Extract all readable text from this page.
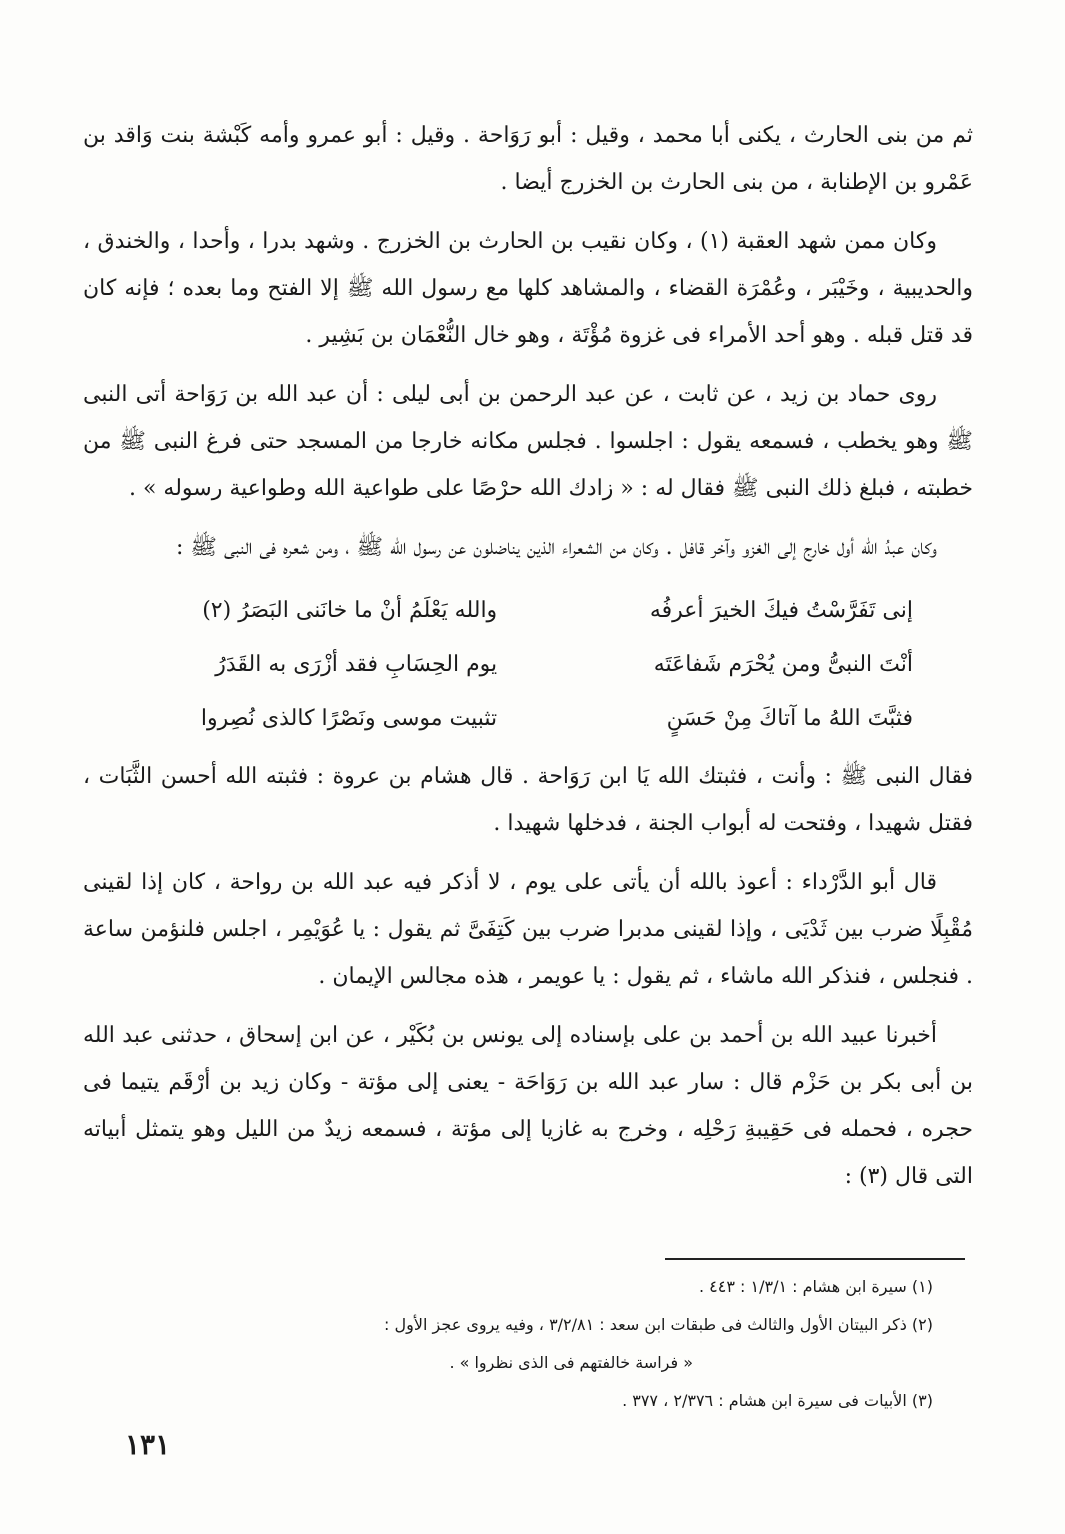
ثم من بنى الحارث ، يكنى أبا محمد ، وقيل : أبو رَوَاحة . وقيل : أبو عمرو وأمه كَبْشة بنت وَاقد بن عَمْرو بن الإطنابة ، من بنى الحارث بن الخزرج أيضا .

وكان ممن شهد العقبة (١) ، وكان نقيب بن الحارث بن الخزرج . وشهد بدرا ، وأحدا ، والخندق ، والحديبية ، وخَيْبَر ، وعُمْرَة القضاء ، والمشاهد كلها مع رسول الله ﷺ إلا الفتح وما بعده ؛ فإنه كان قد قتل قبله . وهو أحد الأمراء فى غزوة مُؤْتَة ، وهو خال النُّعْمَان بن بَشِير .

روى حماد بن زيد ، عن ثابت ، عن عبد الرحمن بن أبى ليلى : أن عبد الله بن رَوَاحة أتى النبى ﷺ وهو يخطب ، فسمعه يقول : اجلسوا . فجلس مكانه خارجا من المسجد حتى فرغ النبى ﷺ من خطبته ، فبلغ ذلك النبى ﷺ فقال له : « زادك الله حرْصًا على طواعية الله وطواعية رسوله » .

وكان عبدُ الله أول خارج إلى الغزو وآخر قافل . وكان من الشعراء الذين يناضلون عن رسول الله ﷺ ، ومن شعره فى النبى ﷺ :

إنى تَفَرَّسْتُ فيكَ الخيرَ أعرفُه
والله يَعْلَمُ أنْ ما خانَنى البَصَرُ (٢)
أنْتَ النبىُّ ومن يُحْرَم شَفاعَتَه
يوم الحِسَابِ فقد أزْرَى به القَدَرُ
فثبَّتَ اللهُ ما آتاكَ مِنْ حَسَنٍ
تثبيت موسى ونَصْرًا كالذى نُصِروا

فقال النبى ﷺ : وأنت ، فثبتك الله يَا ابن رَوَاحة . قال هشام بن عروة : فثبته الله أحسن الثَّبَات ، فقتل شهيدا ، وفتحت له أبواب الجنة ، فدخلها شهيدا .

قال أبو الدَّرْداء : أعوذ بالله أن يأتى على يوم ، لا أذكر فيه عبد الله بن رواحة ، كان إذا لقينى مُقْبِلًا ضرب بين ثَدْيَى ، وإذا لقينى مدبرا ضرب بين كَتِفَىَّ ثم يقول : يا عُوَيْمِر ، اجلس فلنؤمن ساعة . فنجلس ، فنذكر الله ماشاء ، ثم يقول : يا عويمر ، هذه مجالس الإيمان .

أخبرنا عبيد الله بن أحمد بن على بإسناده إلى يونس بن بُكَيْر ، عن ابن إسحاق ، حدثنى عبد الله بن أبى بكر بن حَزْم قال : سار عبد الله بن رَوَاحَة - يعنى إلى مؤتة - وكان زيد بن أرْقَم يتيما فى حجره ، فحمله فى حَقِيبةِ رَحْلِه ، وخرج به غازيا إلى مؤتة ، فسمعه زيدٌ من الليل وهو يتمثل أبياته التى قال (٣) :

(١) سيرة ابن هشام : ١/٣/١ : ٤٤٣ .

(٢) ذكر البيتان الأول والثالث فى طبقات ابن سعد : ٣/٢/٨١ ، وفيه يروى عجز الأول :

« فراسة خالفتهم فى الذى نظروا » .

(٣) الأبيات فى سيرة ابن هشام : ٢/٣٧٦ ، ٣٧٧ .

١٣١
